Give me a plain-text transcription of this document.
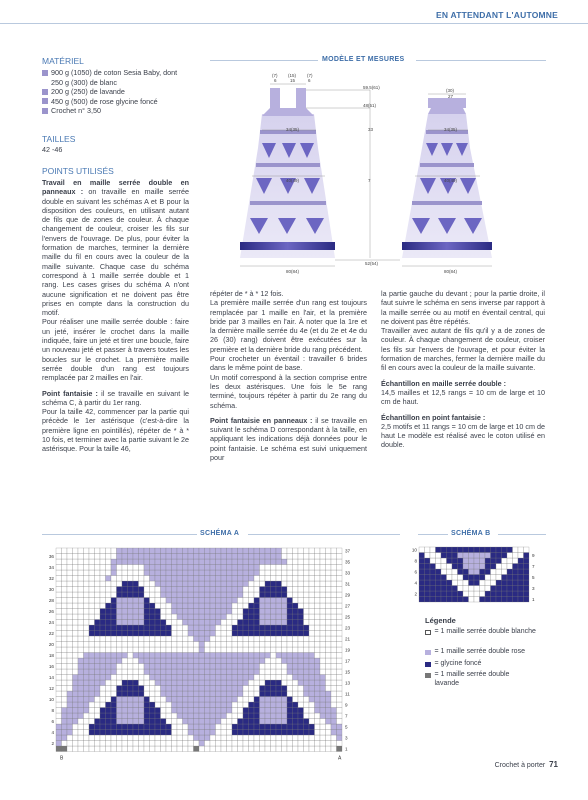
EN ATTENDANT L'AUTOMNE
MATÉRIEL
900 g (1050) de coton Sesia Baby, dont 250 g (300) de blanc
200 g (250) de lavande
450 g (500) de rose glycine foncé
Crochet n° 3,50
TAILLES
42 -46
POINTS UTILISÉS

Travail en maille serrée double en panneaux : on travaille en maille serrée double en suivant les schémas A et B pour la disposition des couleurs, en utilisant autant de fils que de zones de couleur. À chaque changement de couleur, croiser les fils sur l'envers de l'ouvrage. De plus, pour éviter la formation de marches, terminer la dernière maille du fil en cours avec la couleur de la maille suivante. Chaque case du schéma correspond à 1 maille serrée double et 1 rang. Les cases grises du schéma A n'ont aucune signification et ne doivent pas être prises en compte dans la construction du motif.

Pour réaliser une maille serrée double : faire un jeté, insérer le crochet dans la maille indiquée, faire un jeté et tirer une boucle, faire un nouveau jeté et passer à travers toutes les boucles sur le crochet. La première maille serrée double d'un rang est toujours remplacée par 2 mailles en l'air.

Point fantaisie : il se travaille en suivant le schéma C, à partir du 1er rang.

Pour la taille 42, commencer par la partie qui précède le 1er astérisque (c'est-à-dire la première ligne en pointillés), répéter de * à * 10 fois, et terminer avec la partie suivant le 2e astérisque. Pour la taille 46,

répéter de * à * 12 fois.

La première maille serrée d'un rang est toujours remplacée par 1 maille en l'air, et la première bride par 3 mailles en l'air. À noter que la 1re et la dernière maille serrée du 4e (et du 2e et 4e du 26 (30) rang) doivent être exécutées sur la première et la dernière bride du rang précédent.

Pour crocheter un éventail : travailler 6 brides dans le même point de base.

Un motif correspond à la section comprise entre les deux astérisques. Une fois le 5e rang terminé, toujours répéter à partir du 2e rang du schéma.

Point fantaisie en panneaux : il se travaille en suivant le schéma D correspondant à la taille, en appliquant les indications déjà données pour le point fantaisie. Le schéma est suivi uniquement pour

la partie gauche du devant ; pour la partie droite, il faut suivre le schéma en sens inverse par rapport à la maille serrée ou au motif en éventail central, qui ne doivent pas être répétés.

Travailler avec autant de fils qu'il y a de zones de couleur. À chaque changement de couleur, croiser les fils sur l'envers de l'ouvrage, et pour éviter la formation de marches, fermer la dernière maille du fil en cours avec la couleur de la maille suivante.

Échantillon en maille serrée double :

14,5 mailles et 12,5 rangs = 10 cm de large et 10 cm de haut.

Échantillon en point fantaisie :

2,5 motifs et 11 rangs = 10 cm de large et 10 cm de haut Le modèle est réalisé avec le coton utilisé en double.

MODÈLE ET MESURES
(7) (15) (7)
6	15	6
59.5(61)
48(51)
33
34(35)
7
40(49)
52(54)
80(84)
(30)
27
34(35)
40(49)
80(84)
SCHÉMA A
36
34
32
30
28
26
24
22
20
18
16
14
12
10
8
6
4
2
37
35
33
31
29
27
25
23
21
19
17
15
13
11
9
7
5
3
1
B	A
SCHÉMA B
10
8
6
4
2
9
7
5
3
1
Légende
= 1 maille serrée double blanche
= 1 maille serrée double rose
= glycine foncé
= 1 maille serrée double lavande
Crochet à porter 71
